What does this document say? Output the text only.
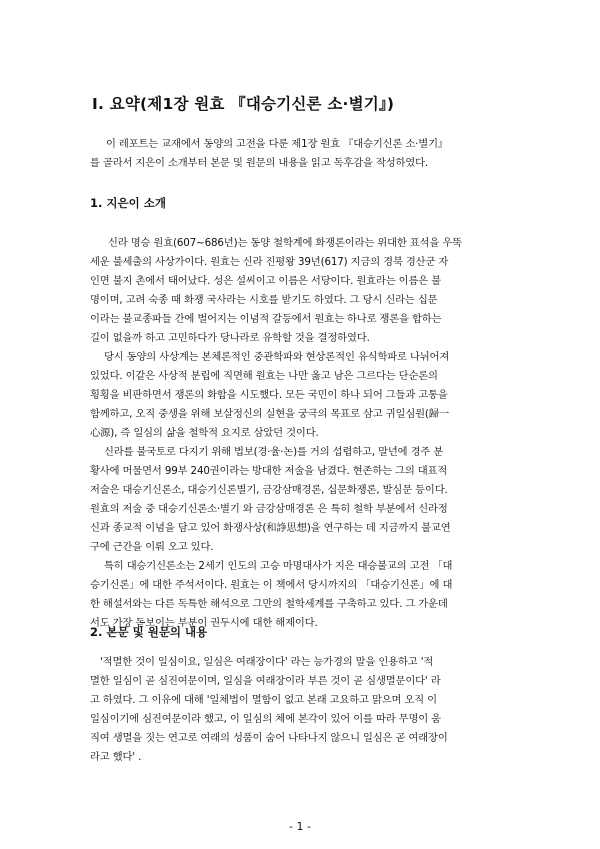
Ⅰ. 요약(제1장 원효 『대승기신론 소·별기』)
이 레포트는 교재에서 동양의 고전을 다룬 제1장 원효 『대승기신론 소·별기』
를 골라서 지은이 소개부터 본문 및 원문의 내용을 읽고 독후감을 작성하였다.
1. 지은이 소개
신라 명승 원효(607~686년)는 동양 철학계에 화쟁론이라는 위대한 표석을 우뚝
세운 불세출의 사상가이다. 원효는 신라 진평왕 39년(617) 지금의 경북 경산군 자
인면 불지 촌에서 태어났다. 성은 설씨이고 이름은 서당이다. 원효라는 이름은 불
명이며, 고려 숙종 때 화쟁 국사라는 시호를 받기도 하였다. 그 당시 신라는 십문
이라는 불교종파들 간에 벌어지는 이념적 갈등에서 원효는 하나로 쟁론을 합하는
길이 없을까 하고 고민하다가 당나라로 유학할 것을 결정하였다.
당시 동양의 사상계는 본체론적인 중관학파와 현상론적인 유식학파로 나뉘어져
있었다. 이같은 사상적 분립에 직면해 원효는 나만 옳고 남은 그르다는 단순론의
횡횡을 비판하면서 쟁론의 화합을 시도했다. 모든 국민이 하나 되어 그들과 고통을
함께하고, 오직 중생을 위해 보살정신의 실현을 궁극의 목표로 삼고 귀일심원(歸一
心源), 즉 일심의 삶을 철학적 요지로 삼았던 것이다.
신라를 불국토로 다지기 위해 법보(경·율·논)를 거의 섭렵하고, 말년에 경주 분
황사에 머물면서 99부 240권이라는 방대한 저술을 남겼다. 현존하는 그의 대표적
저술은 대승기신론소, 대승기신론별기, 금강삼매경론, 십문화쟁론, 발심문 등이다.
원효의 저술 중 대승기신론소·별기 와 금강삼매경론 은 특히 철학 부분에서 신라정
신과 종교적 이념을 담고 있어 화쟁사상(和諍思想)을 연구하는 데 지금까지 불교연
구에 근간을 이뤄 오고 있다.
특히 대승기신론소는 2세기 인도의 고승 마명대사가 지은 대승불교의 고전 「대
승기신론」에 대한 주석서이다. 원효는 이 책에서 당시까지의 「대승기신론」에 대
한 해설서와는 다른 독특한 해석으로 그만의 철학세계를 구축하고 있다. 그 가운데
서도 가장 돋보이는 부분이 권두시에 대한 해제이다.
2. 본문 및 원문의 내용
'적멸한 것이 일심이요, 일심은 여래장이다' 라는 능가경의 말을 인용하고 '적
멸한 일심이 곧 심진여문이며, 일심을 여래장이라 부른 것이 곧 심생멸문이다' 라
고 하였다. 그 이유에 대해 '일체법이 멸함이 없고 본래 고요하고 맑으며 오직 이
일심이기에 심진여문이라 했고, 이 일심의 체에 본각이 있어 이를 따라 무명이 움
직여 생멸을 짓는 연고로 여래의 성품이 숨어 나타나지 않으니 일심은 곧 여래장이
라고 했다' .
- 1 -
